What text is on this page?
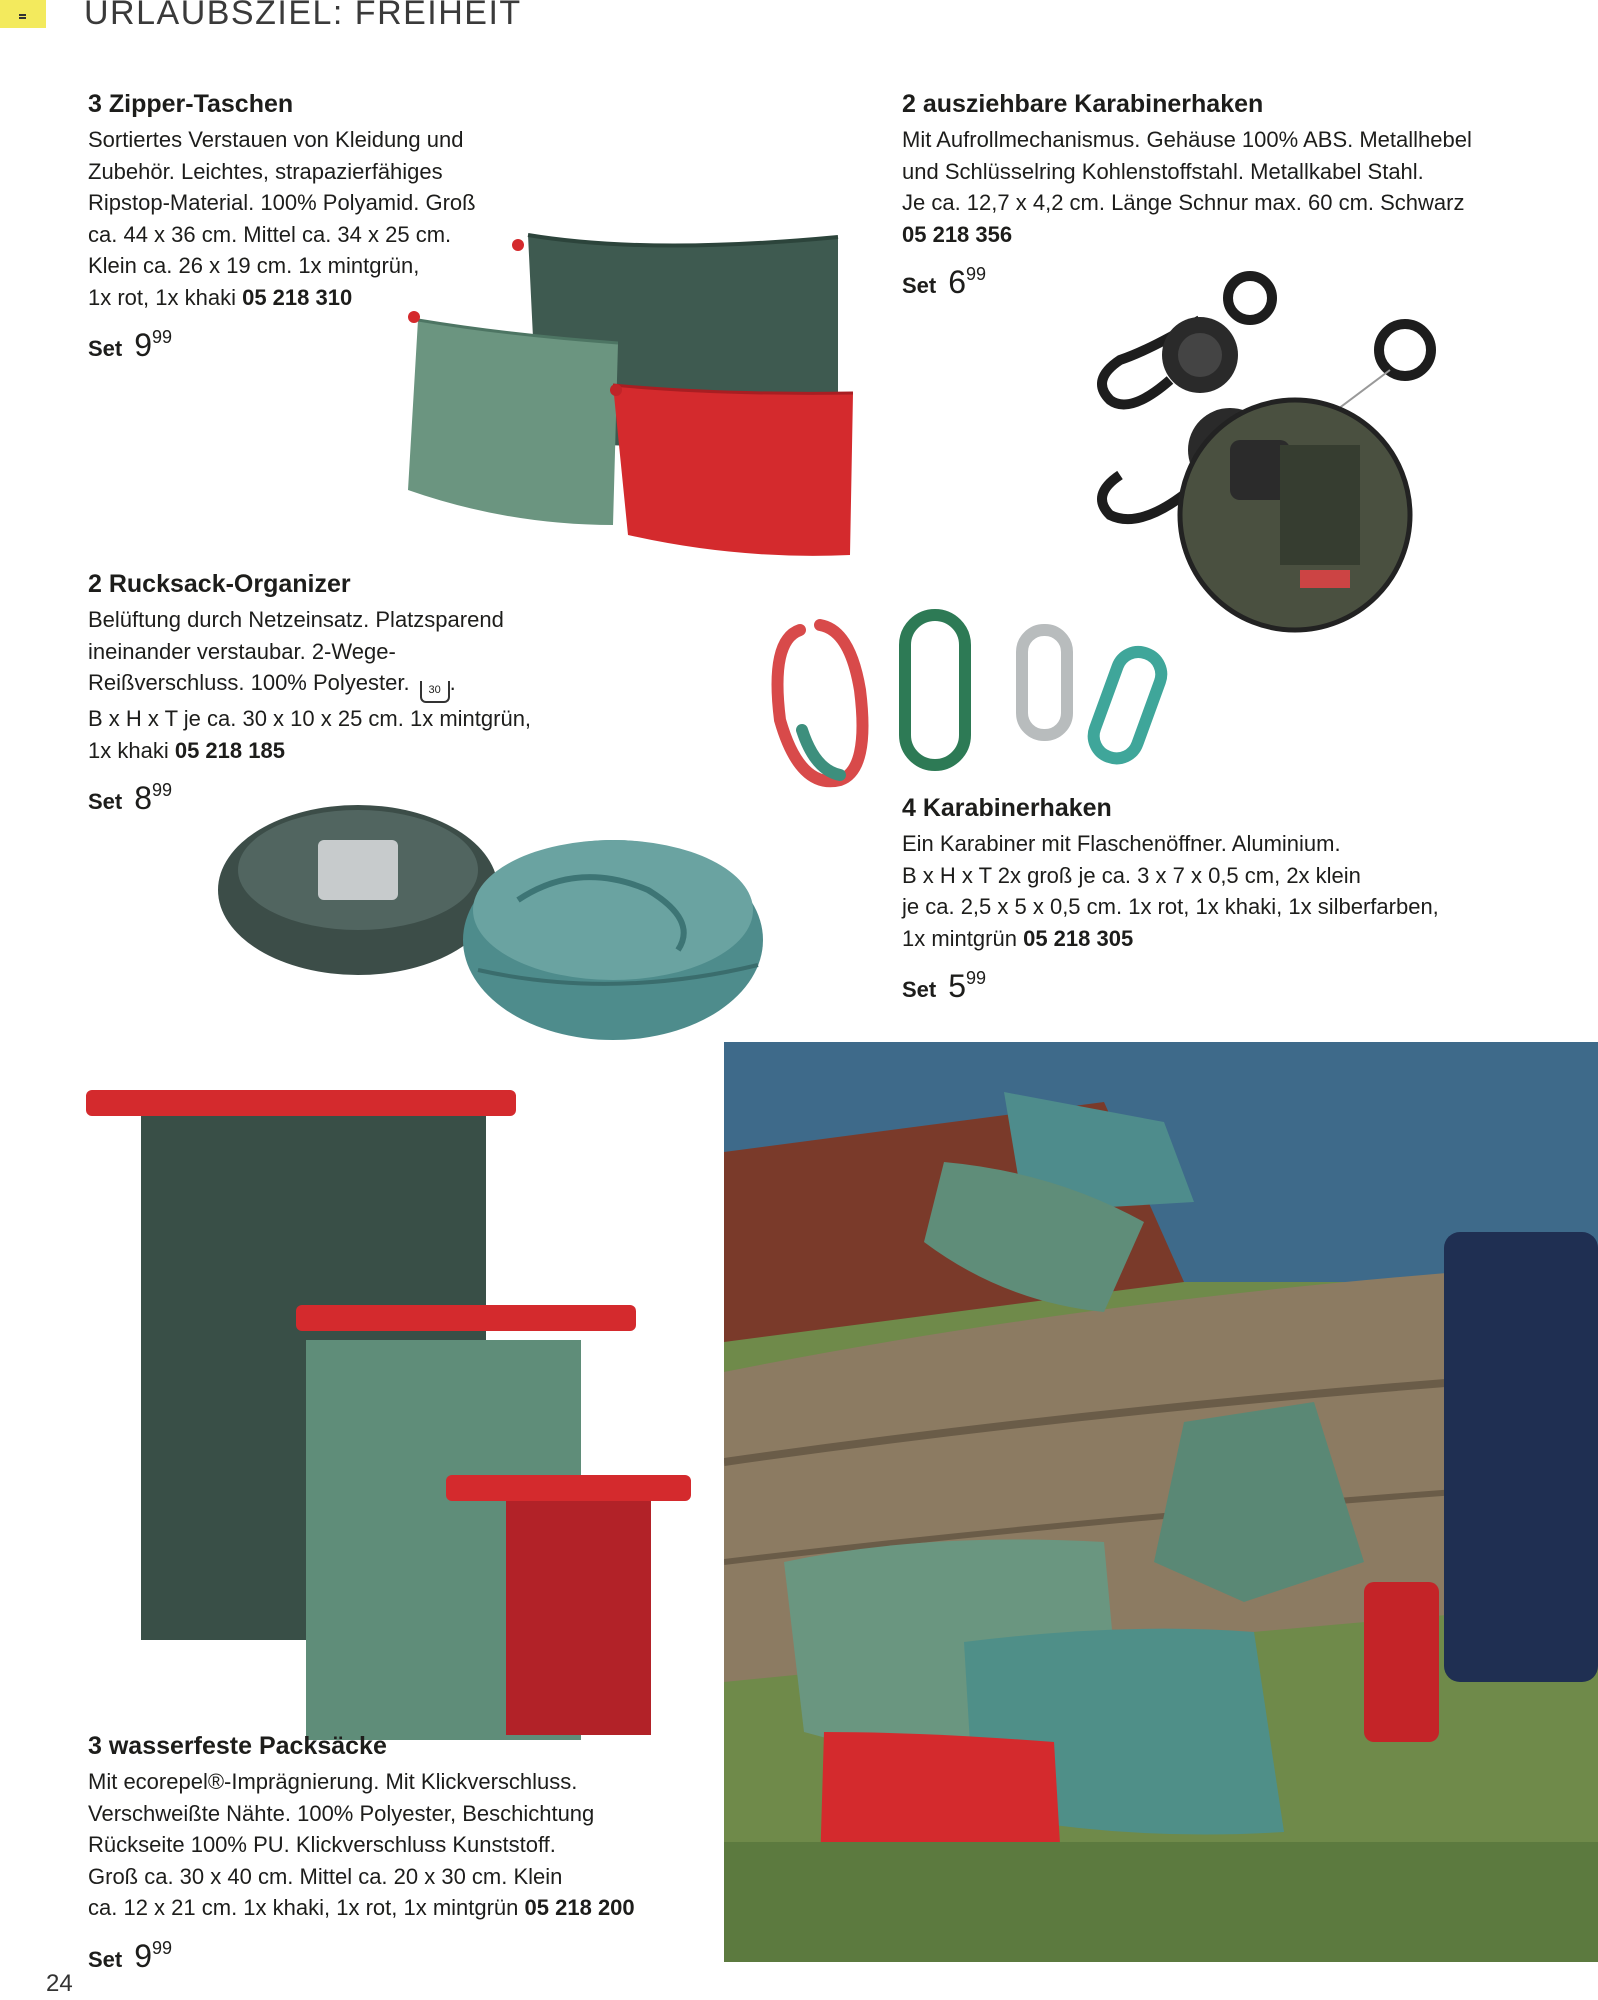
URLAUBSZIEL: FREIHEIT
3 Zipper-Taschen

Sortiertes Verstauen von Kleidung und
Zubehör. Leichtes, strapazierfähiges
Ripstop-Material. 100% Polyamid. Groß
ca. 44 x 36 cm. Mittel ca. 34 x 25 cm.
Klein ca. 26 x 19 cm. 1x mintgrün,
1x rot, 1x khaki 05 218 310

Set 9 99
2 ausziehbare Karabinerhaken

Mit Aufrollmechanismus. Gehäuse 100% ABS. Metallhebel
und Schlüsselring Kohlenstoffstahl. Metallkabel Stahl.
Je ca. 12,7 x 4,2 cm. Länge Schnur max. 60 cm. Schwarz
05 218 356

Set 6 99
2 Rucksack-Organizer

Belüftung durch Netzeinsatz. Platzsparend
ineinander verstaubar. 2-Wege-
Reißverschluss. 100% Polyester. 30 .
B x H x T je ca. 30 x 10 x 25 cm. 1x mintgrün,
1x khaki 05 218 185

Set 8 99
4 Karabinerhaken

Ein Karabiner mit Flaschenöffner. Aluminium.
B x H x T 2x groß je ca. 3 x 7 x 0,5 cm, 2x klein
je ca. 2,5 x 5 x 0,5 cm. 1x rot, 1x khaki, 1x silberfarben,
1x mintgrün 05 218 305

Set 5 99
3 wasserfeste Packsäcke

Mit ecorepel®-Imprägnierung. Mit Klickverschluss.
Verschweißte Nähte. 100% Polyester, Beschichtung
Rückseite 100% PU. Klickverschluss Kunststoff.
Groß ca. 30 x 40 cm. Mittel ca. 20 x 30 cm. Klein
ca. 12 x 21 cm. 1x khaki, 1x rot, 1x mintgrün 05 218 200

Set 9 99
24
